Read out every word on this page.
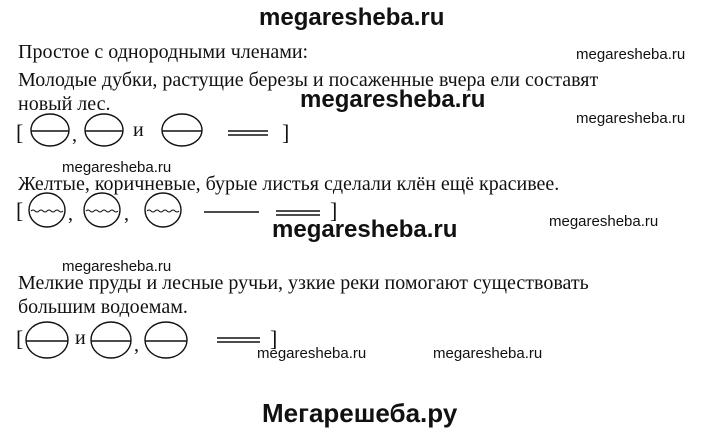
megaresheba.ru
megaresheba.ru
megaresheba.ru
megaresheba.ru
megaresheba.ru
megaresheba.ru	megaresheba.ru
megaresheba.ru
megaresheba.ru	megaresheba.ru
Мегарешеба.ру
Простое с однородными членами:
Молодые дубки, растущие березы и посаженные вчера ели составят
новый лес.
Желтые, коричневые, бурые листья сделали клён ещё красивее.
Мелкие пруды и лесные ручьи, узкие реки помогают существовать
большим водоемам.
[ ,	и	]
[ ,	,	]
[	и ,	]
